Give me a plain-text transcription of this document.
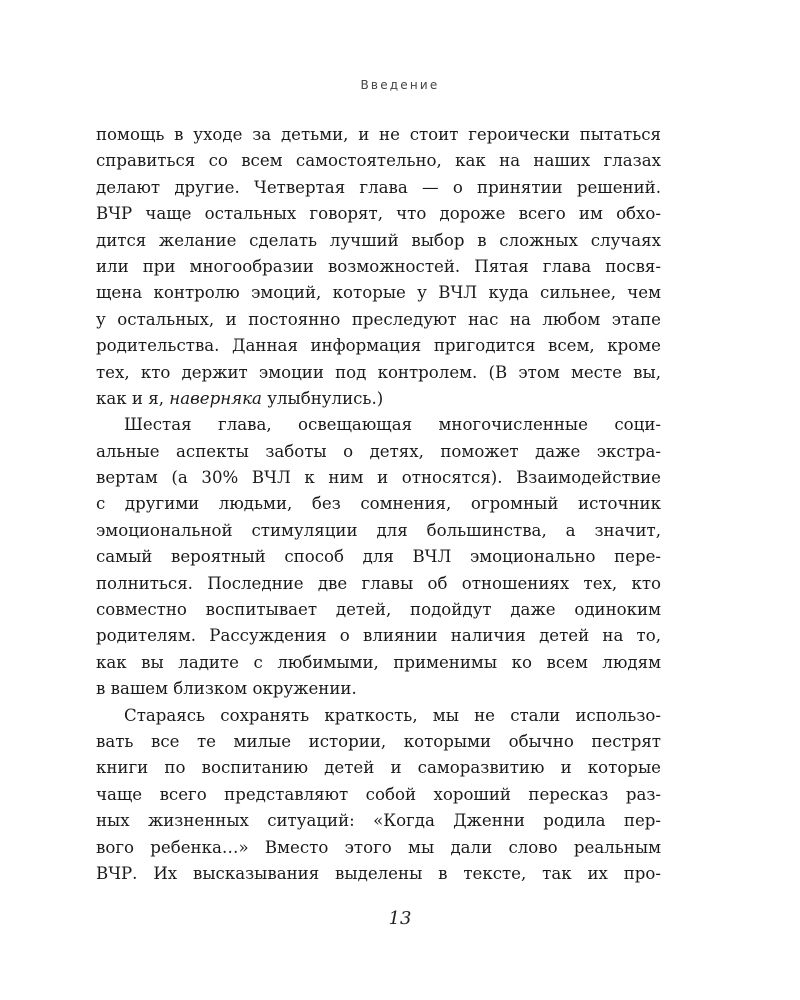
Введение
помощь в уходе за детьми, и не стоит героически пытаться
справиться со всем самостоятельно, как на наших глазах
делают другие. Четвертая глава — о принятии решений.
ВЧР чаще остальных говорят, что дороже всего им обхо-
дится желание сделать лучший выбор в сложных случаях
или при многообразии возможностей. Пятая глава посвя-
щена контролю эмоций, которые у ВЧЛ куда сильнее, чем
у остальных, и постоянно преследуют нас на любом этапе
родительства. Данная информация пригодится всем, кроме
тех, кто держит эмоции под контролем. (В этом месте вы,
как и я, наверняка улыбнулись.)
Шестая глава, освещающая многочисленные соци-
альные аспекты заботы о детях, поможет даже экстра-
вертам (а 30% ВЧЛ к ним и относятся). Взаимодействие
с другими людьми, без сомнения, огромный источник
эмоциональной стимуляции для большинства, а значит,
самый вероятный способ для ВЧЛ эмоционально пере-
полниться. Последние две главы об отношениях тех, кто
совместно воспитывает детей, подойдут даже одиноким
родителям. Рассуждения о влиянии наличия детей на то,
как вы ладите с любимыми, применимы ко всем людям
в вашем близком окружении.
Стараясь сохранять краткость, мы не стали использо-
вать все те милые истории, которыми обычно пестрят
книги по воспитанию детей и саморазвитию и которые
чаще всего представляют собой хороший пересказ раз-
ных жизненных ситуаций: «Когда Дженни родила пер-
вого ребенка…» Вместо этого мы дали слово реальным
ВЧР. Их высказывания выделены в тексте, так их про-
13
